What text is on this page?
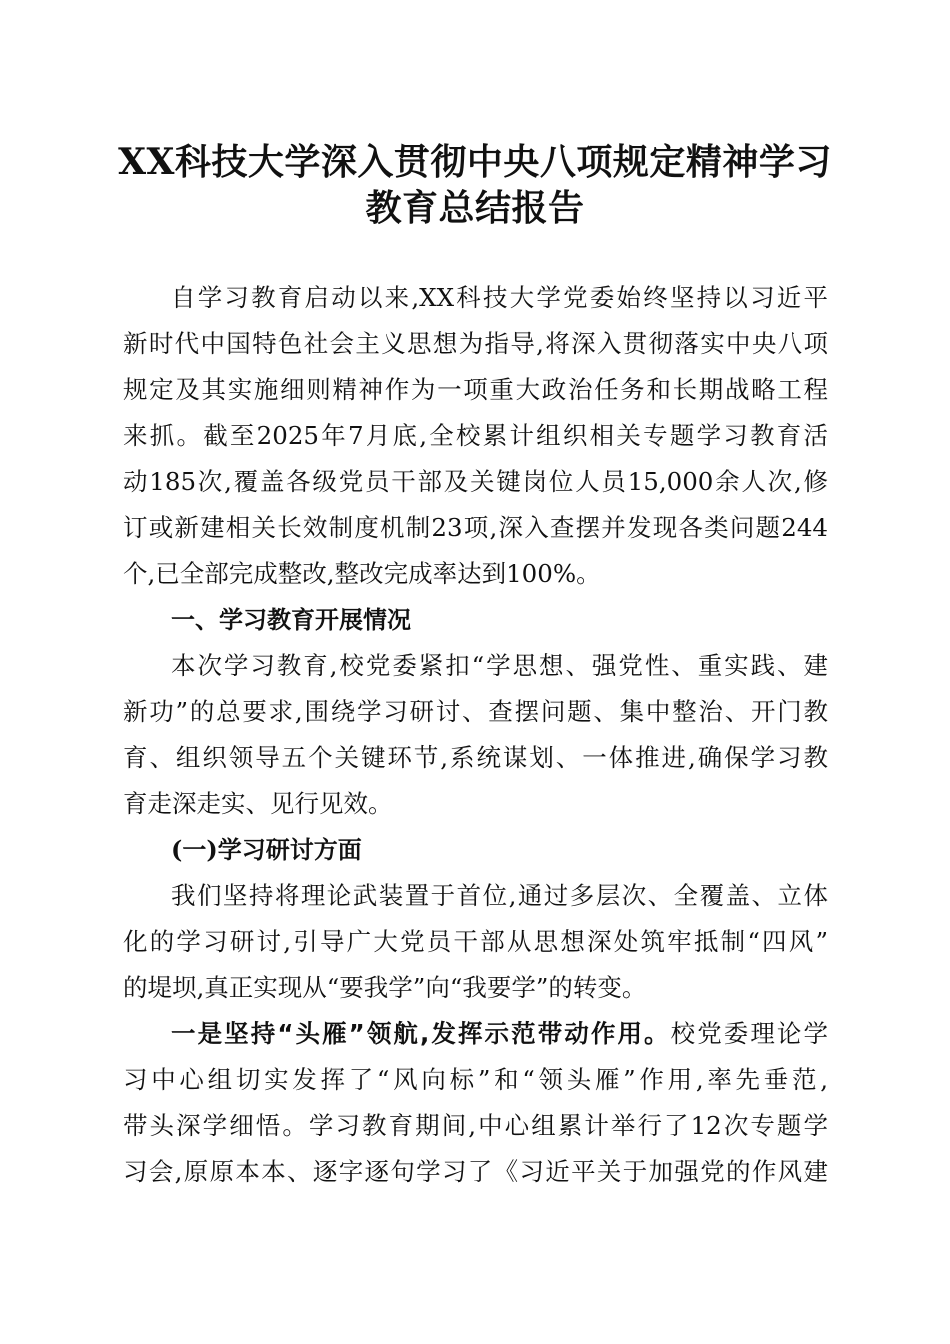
XX科技大学深入贯彻中央八项规定精神学习
教育总结报告
自学习教育启动以来,XX科技大学党委始终坚持以习近平
新时代中国特色社会主义思想为指导,将深入贯彻落实中央八项
规定及其实施细则精神作为一项重大政治任务和长期战略工程
来抓。截至2025年7月底,全校累计组织相关专题学习教育活
动185次,覆盖各级党员干部及关键岗位人员15,000余人次,修
订或新建相关长效制度机制23项,深入查摆并发现各类问题244
个,已全部完成整改,整改完成率达到100%。
一、学习教育开展情况
本次学习教育,校党委紧扣“学思想、强党性、重实践、建
新功”的总要求,围绕学习研讨、查摆问题、集中整治、开门教
育、组织领导五个关键环节,系统谋划、一体推进,确保学习教
育走深走实、见行见效。
(一)学习研讨方面
我们坚持将理论武装置于首位,通过多层次、全覆盖、立体
化的学习研讨,引导广大党员干部从思想深处筑牢抵制“四风”
的堤坝,真正实现从“要我学”向“我要学”的转变。
一是坚持“头雁”领航,发挥示范带动作用。校党委理论学
习中心组切实发挥了“风向标”和“领头雁”作用,率先垂范,
带头深学细悟。学习教育期间,中心组累计举行了12次专题学
习会,原原本本、逐字逐句学习了《习近平关于加强党的作风建
